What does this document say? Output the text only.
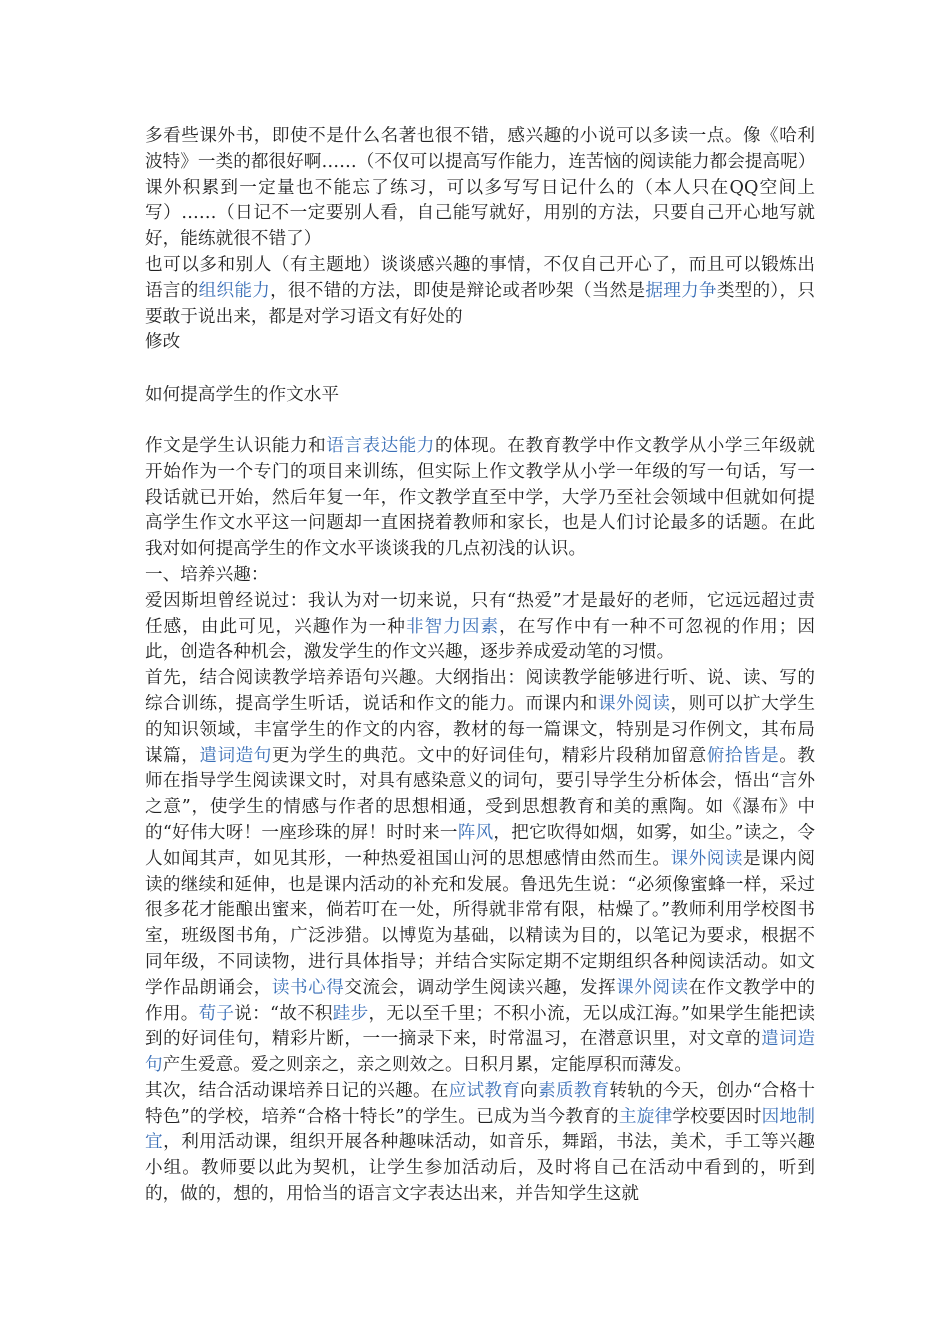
多看些课外书，即使不是什么名著也很不错，感兴趣的小说可以多读一点。像《哈利波特》一类的都很好啊……（不仅可以提高写作能力，连苦恼的阅读能力都会提高呢）

课外积累到一定量也不能忘了练习，可以多写写日记什么的（本人只在QQ空间上写）……（日记不一定要别人看，自己能写就好，用别的方法，只要自己开心地写就好，能练就很不错了）

也可以多和别人（有主题地）谈谈感兴趣的事情，不仅自己开心了，而且可以锻炼出语言的组织能力，很不错的方法，即使是辩论或者吵架（当然是据理力争类型的），只要敢于说出来，都是对学习语文有好处的

修改

如何提高学生的作文水平

作文是学生认识能力和语言表达能力的体现。在教育教学中作文教学从小学三年级就开始作为一个专门的项目来训练，但实际上作文教学从小学一年级的写一句话，写一段话就已开始，然后年复一年，作文教学直至中学，大学乃至社会领域中但就如何提高学生作文水平这一问题却一直困挠着教师和家长，也是人们讨论最多的话题。在此我对如何提高学生的作文水平谈谈我的几点初浅的认识。

一、培养兴趣：

爱因斯坦曾经说过：我认为对一切来说，只有“热爱”才是最好的老师，它远远超过责任感，由此可见，兴趣作为一种非智力因素，在写作中有一种不可忽视的作用；因此，创造各种机会，激发学生的作文兴趣，逐步养成爱动笔的习惯。

首先，结合阅读教学培养语句兴趣。大纲指出：阅读教学能够进行听、说、读、写的综合训练，提高学生听话，说话和作文的能力。而课内和课外阅读，则可以扩大学生的知识领域，丰富学生的作文的内容，教材的每一篇课文，特别是习作例文，其布局谋篇，遣词造句更为学生的典范。文中的好词佳句，精彩片段稍加留意俯拾皆是。教师在指导学生阅读课文时，对具有感染意义的词句，要引导学生分析体会，悟出“言外之意”，使学生的情感与作者的思想相通，受到思想教育和美的熏陶。如《瀑布》中的“好伟大呀！一座珍珠的屏！时时来一阵风，把它吹得如烟，如雾，如尘。”读之，令人如闻其声，如见其形，一种热爱祖国山河的思想感情由然而生。课外阅读是课内阅读的继续和延伸，也是课内活动的补充和发展。鲁迅先生说：“必须像蜜蜂一样，采过很多花才能酿出蜜来，倘若叮在一处，所得就非常有限，枯燥了。”教师利用学校图书室，班级图书角，广泛涉猎。以博览为基础，以精读为目的，以笔记为要求，根据不同年级，不同读物，进行具体指导；并结合实际定期不定期组织各种阅读活动。如文学作品朗诵会，读书心得交流会，调动学生阅读兴趣，发挥课外阅读在作文教学中的作用。荀子说：“故不积跬步，无以至千里；不积小流，无以成江海。”如果学生能把读到的好词佳句，精彩片断，一一摘录下来，时常温习，在潜意识里，对文章的遣词造句产生爱意。爱之则亲之，亲之则效之。日积月累，定能厚积而薄发。

其次，结合活动课培养日记的兴趣。在应试教育向素质教育转轨的今天，创办“合格十特色”的学校，培养“合格十特长”的学生。已成为当今教育的主旋律学校要因时因地制宜，利用活动课，组织开展各种趣味活动，如音乐，舞蹈，书法，美术，手工等兴趣小组。教师要以此为契机，让学生参加活动后，及时将自己在活动中看到的，听到的，做的，想的，用恰当的语言文字表达出来，并告知学生这就
